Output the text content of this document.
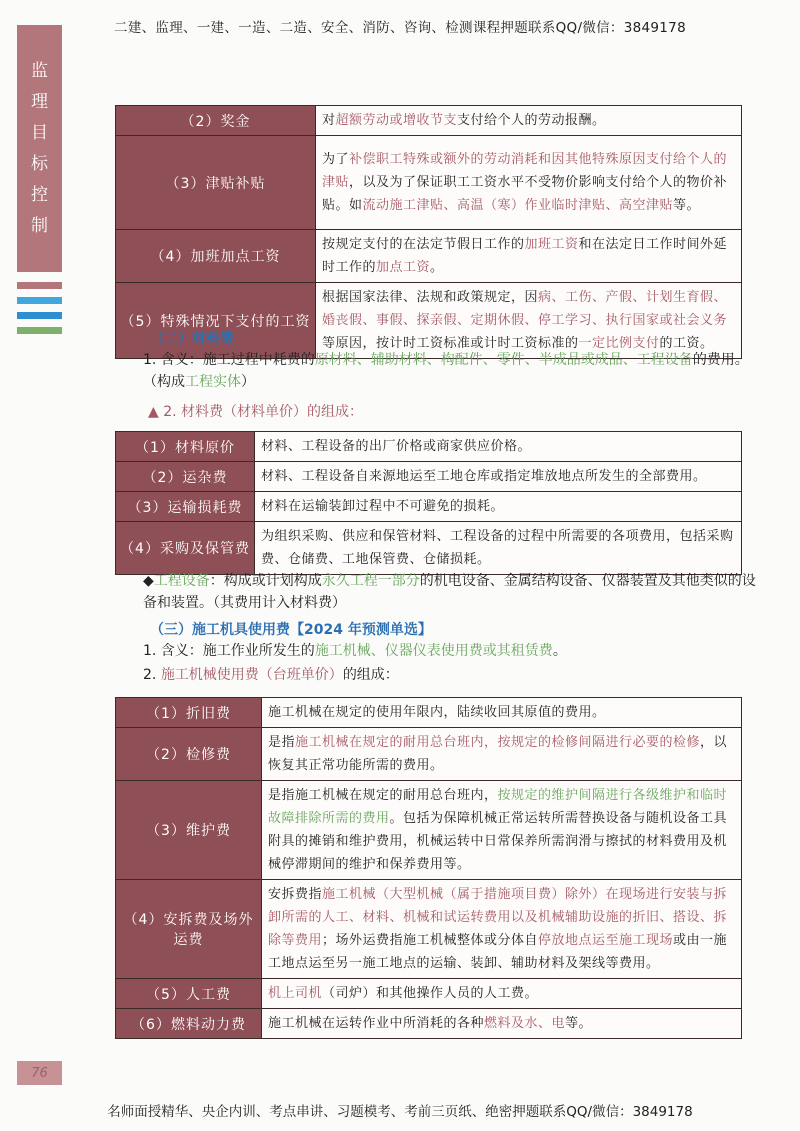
二建、监理、一建、一造、二造、安全、消防、咨询、检测课程押题联系QQ/微信：3849178
监
理
目
标
控
制
（2）奖金	对超额劳动或增收节支支付给个人的劳动报酬。
（3）津贴补贴	为了补偿职工特殊或额外的劳动消耗和因其他特殊原因支付给个人的津贴，以及为了保证职工工资水平不受物价影响支付给个人的物价补贴。如流动施工津贴、高温（寒）作业临时津贴、高空津贴等。
（4）加班加点工资	按规定支付的在法定节假日工作的加班工资和在法定日工作时间外延时工作的加点工资。
（5）特殊情况下支付的工资	根据国家法律、法规和政策规定，因病、工伤、产假、计划生育假、婚丧假、事假、探亲假、定期休假、停工学习、执行国家或社会义务等原因，按计时工资标准或计时工资标准的一定比例支付的工资。
（二）材料费
1. 含义：施工过程中耗费的原材料、辅助材料、构配件、零件、半成品或成品、工程设备的费用。（构成工程实体）
▲ 2. 材料费（材料单价）的组成：
（1）材料原价	材料、工程设备的出厂价格或商家供应价格。
（2）运杂费	材料、工程设备自来源地运至工地仓库或指定堆放地点所发生的全部费用。
（3）运输损耗费	材料在运输装卸过程中不可避免的损耗。
（4）采购及保管费	为组织采购、供应和保管材料、工程设备的过程中所需要的各项费用，包括采购费、仓储费、工地保管费、仓储损耗。
◆工程设备：构成或计划构成永久工程一部分的机电设备、金属结构设备、仪器装置及其他类似的设备和装置。（其费用计入材料费）
（三）施工机具使用费【2024 年预测单选】
1. 含义：施工作业所发生的施工机械、仪器仪表使用费或其租赁费。
2. 施工机械使用费（台班单价）的组成：
（1）折旧费	施工机械在规定的使用年限内，陆续收回其原值的费用。
（2）检修费	是指施工机械在规定的耐用总台班内，按规定的检修间隔进行必要的检修，以恢复其正常功能所需的费用。
（3）维护费	是指施工机械在规定的耐用总台班内，按规定的维护间隔进行各级维护和临时故障排除所需的费用。包括为保障机械正常运转所需替换设备与随机设备工具附具的摊销和维护费用，机械运转中日常保养所需润滑与擦拭的材料费用及机械停滞期间的维护和保养费用等。
（4）安拆费及场外运费	安拆费指施工机械（大型机械（属于措施项目费）除外）在现场进行安装与拆卸所需的人工、材料、机械和试运转费用以及机械辅助设施的折旧、搭设、拆除等费用；场外运费指施工机械整体或分体自停放地点运至施工现场或由一施工地点运至另一施工地点的运输、装卸、辅助材料及架线等费用。
（5）人工费	机上司机（司炉）和其他操作人员的人工费。
（6）燃料动力费	施工机械在运转作业中所消耗的各种燃料及水、电等。
76
名师面授精华、央企内训、考点串讲、习题模考、考前三页纸、绝密押题联系QQ/微信：3849178
